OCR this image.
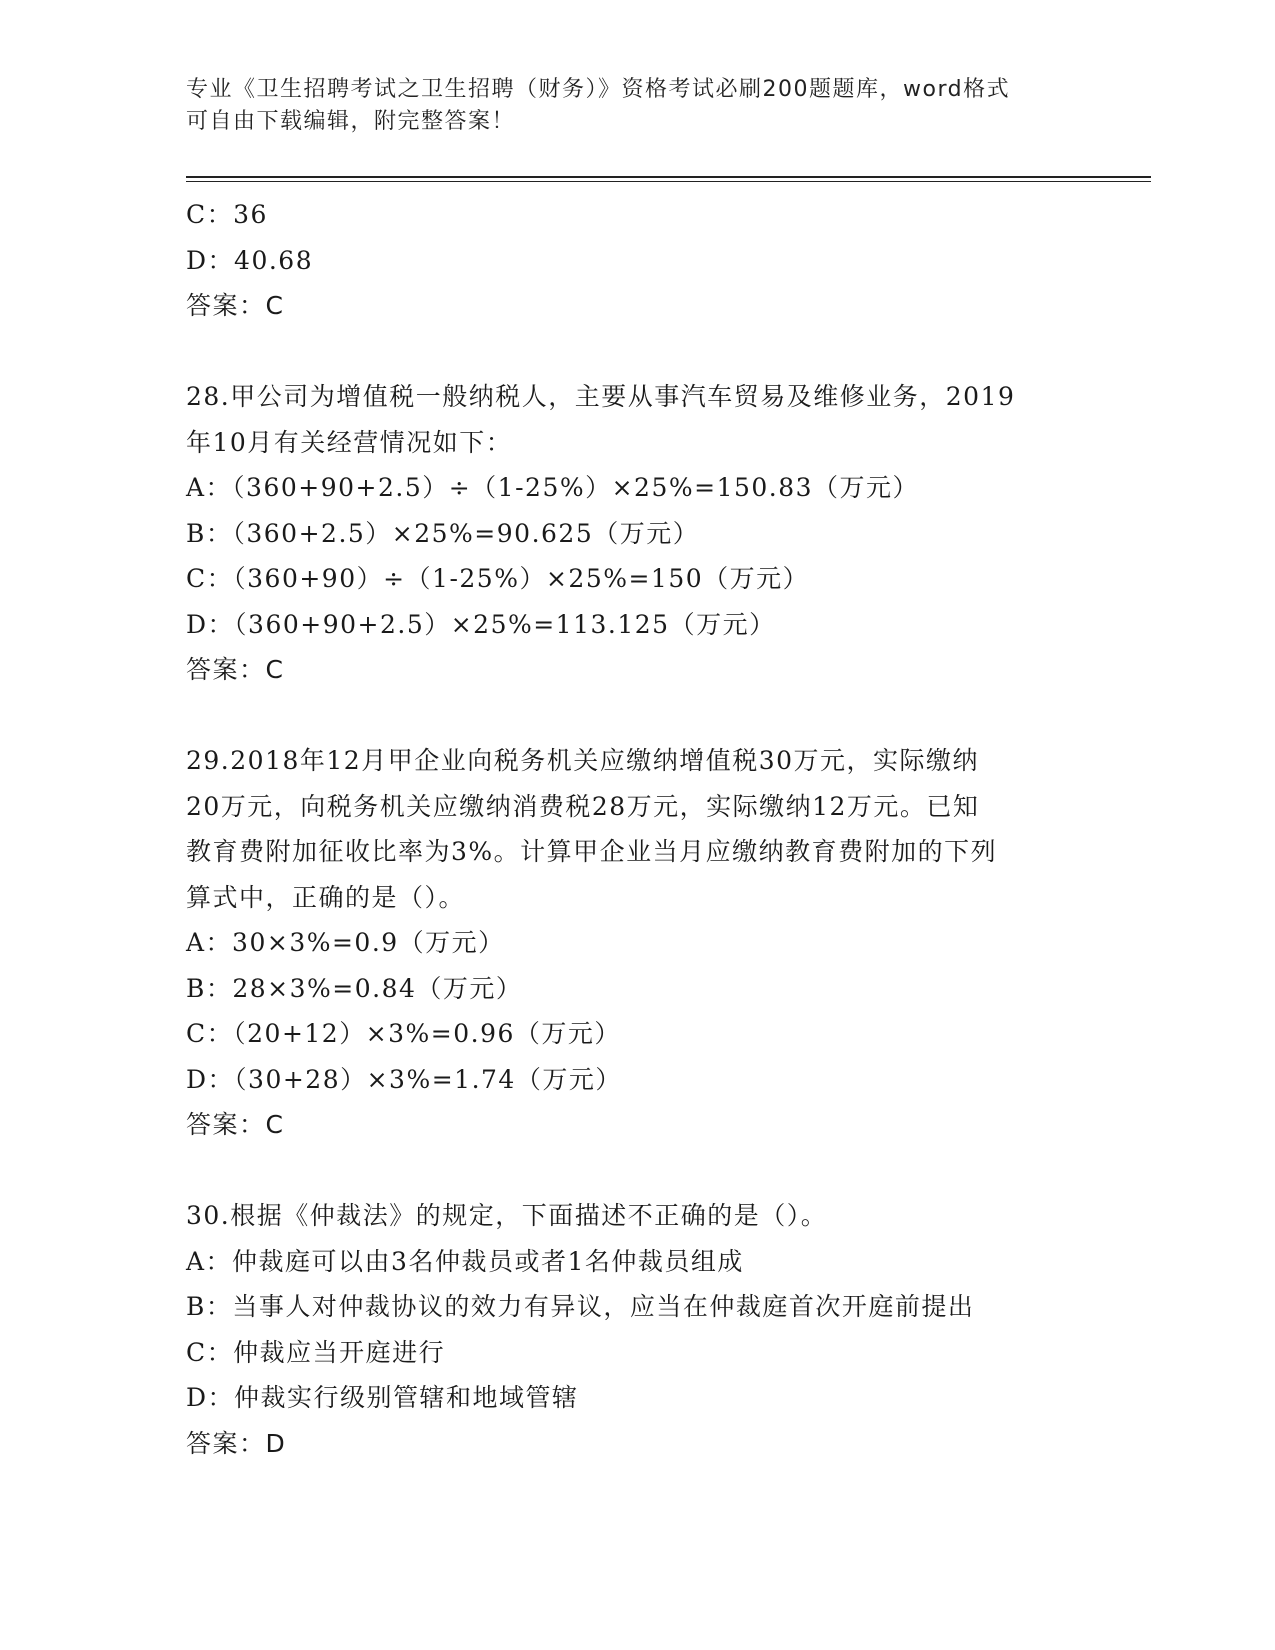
专业《卫生招聘考试之卫生招聘（财务）》资格考试必刷200题题库，word格式
可自由下载编辑，附完整答案！
C：36
D：40.68
答案：C
28.甲公司为增值税一般纳税人，主要从事汽车贸易及维修业务，2019
年10月有关经营情况如下：
A：（360+90+2.5）÷（1-25%）×25%=150.83（万元）
B：（360+2.5）×25%=90.625（万元）
C：（360+90）÷（1-25%）×25%=150（万元）
D：（360+90+2.5）×25%=113.125（万元）
答案：C
29.2018年12月甲企业向税务机关应缴纳增值税30万元，实际缴纳
20万元，向税务机关应缴纳消费税28万元，实际缴纳12万元。已知
教育费附加征收比率为3%。计算甲企业当月应缴纳教育费附加的下列
算式中，正确的是（）。
A：30×3%=0.9（万元）
B：28×3%=0.84（万元）
C：（20+12）×3%=0.96（万元）
D：（30+28）×3%=1.74（万元）
答案：C
30.根据《仲裁法》的规定，下面描述不正确的是（）。
A：仲裁庭可以由3名仲裁员或者1名仲裁员组成
B：当事人对仲裁协议的效力有异议，应当在仲裁庭首次开庭前提出
C：仲裁应当开庭进行
D：仲裁实行级别管辖和地域管辖
答案：D
